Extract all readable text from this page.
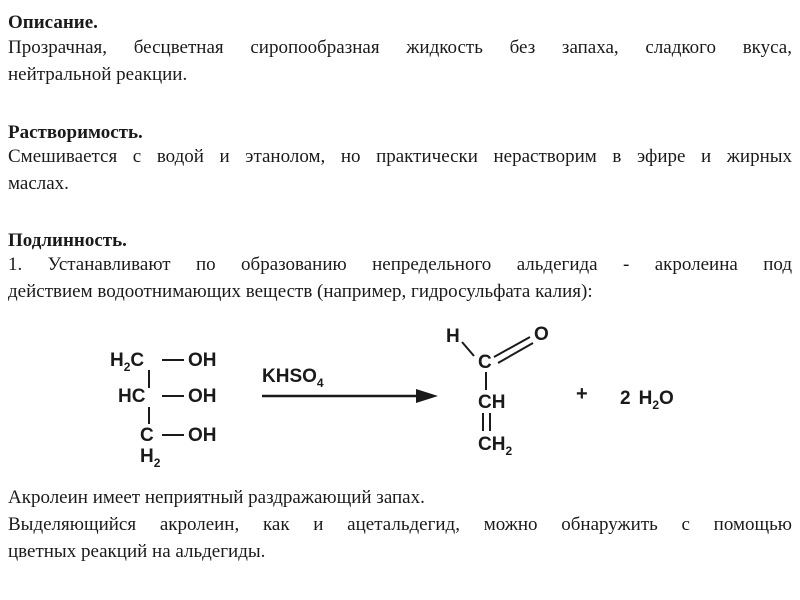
Описание.
Прозрачная, бесцветная сиропообразная жидкость без запаха, сладкого вкуса,
нейтральной реакции.
Растворимость.
Смешивается с водой и этанолом, но практически нерастворим в эфире и жирных
маслах.
Подлинность.
1. Устанавливают по образованию непредельного альдегида - акролеина под
действием водоотнимающих веществ (например, гидросульфата калия):
$H_2C$ OH
HC OH
C OH
$H_2$
$KHSO_4$
H	O
C
CH
$CH_2$
+ 2 $H_2O$
Акролеин имеет неприятный раздражающий запах.
Выделяющийся акролеин, как и ацетальдегид, можно обнаружить с помощью
цветных реакций на альдегиды.
